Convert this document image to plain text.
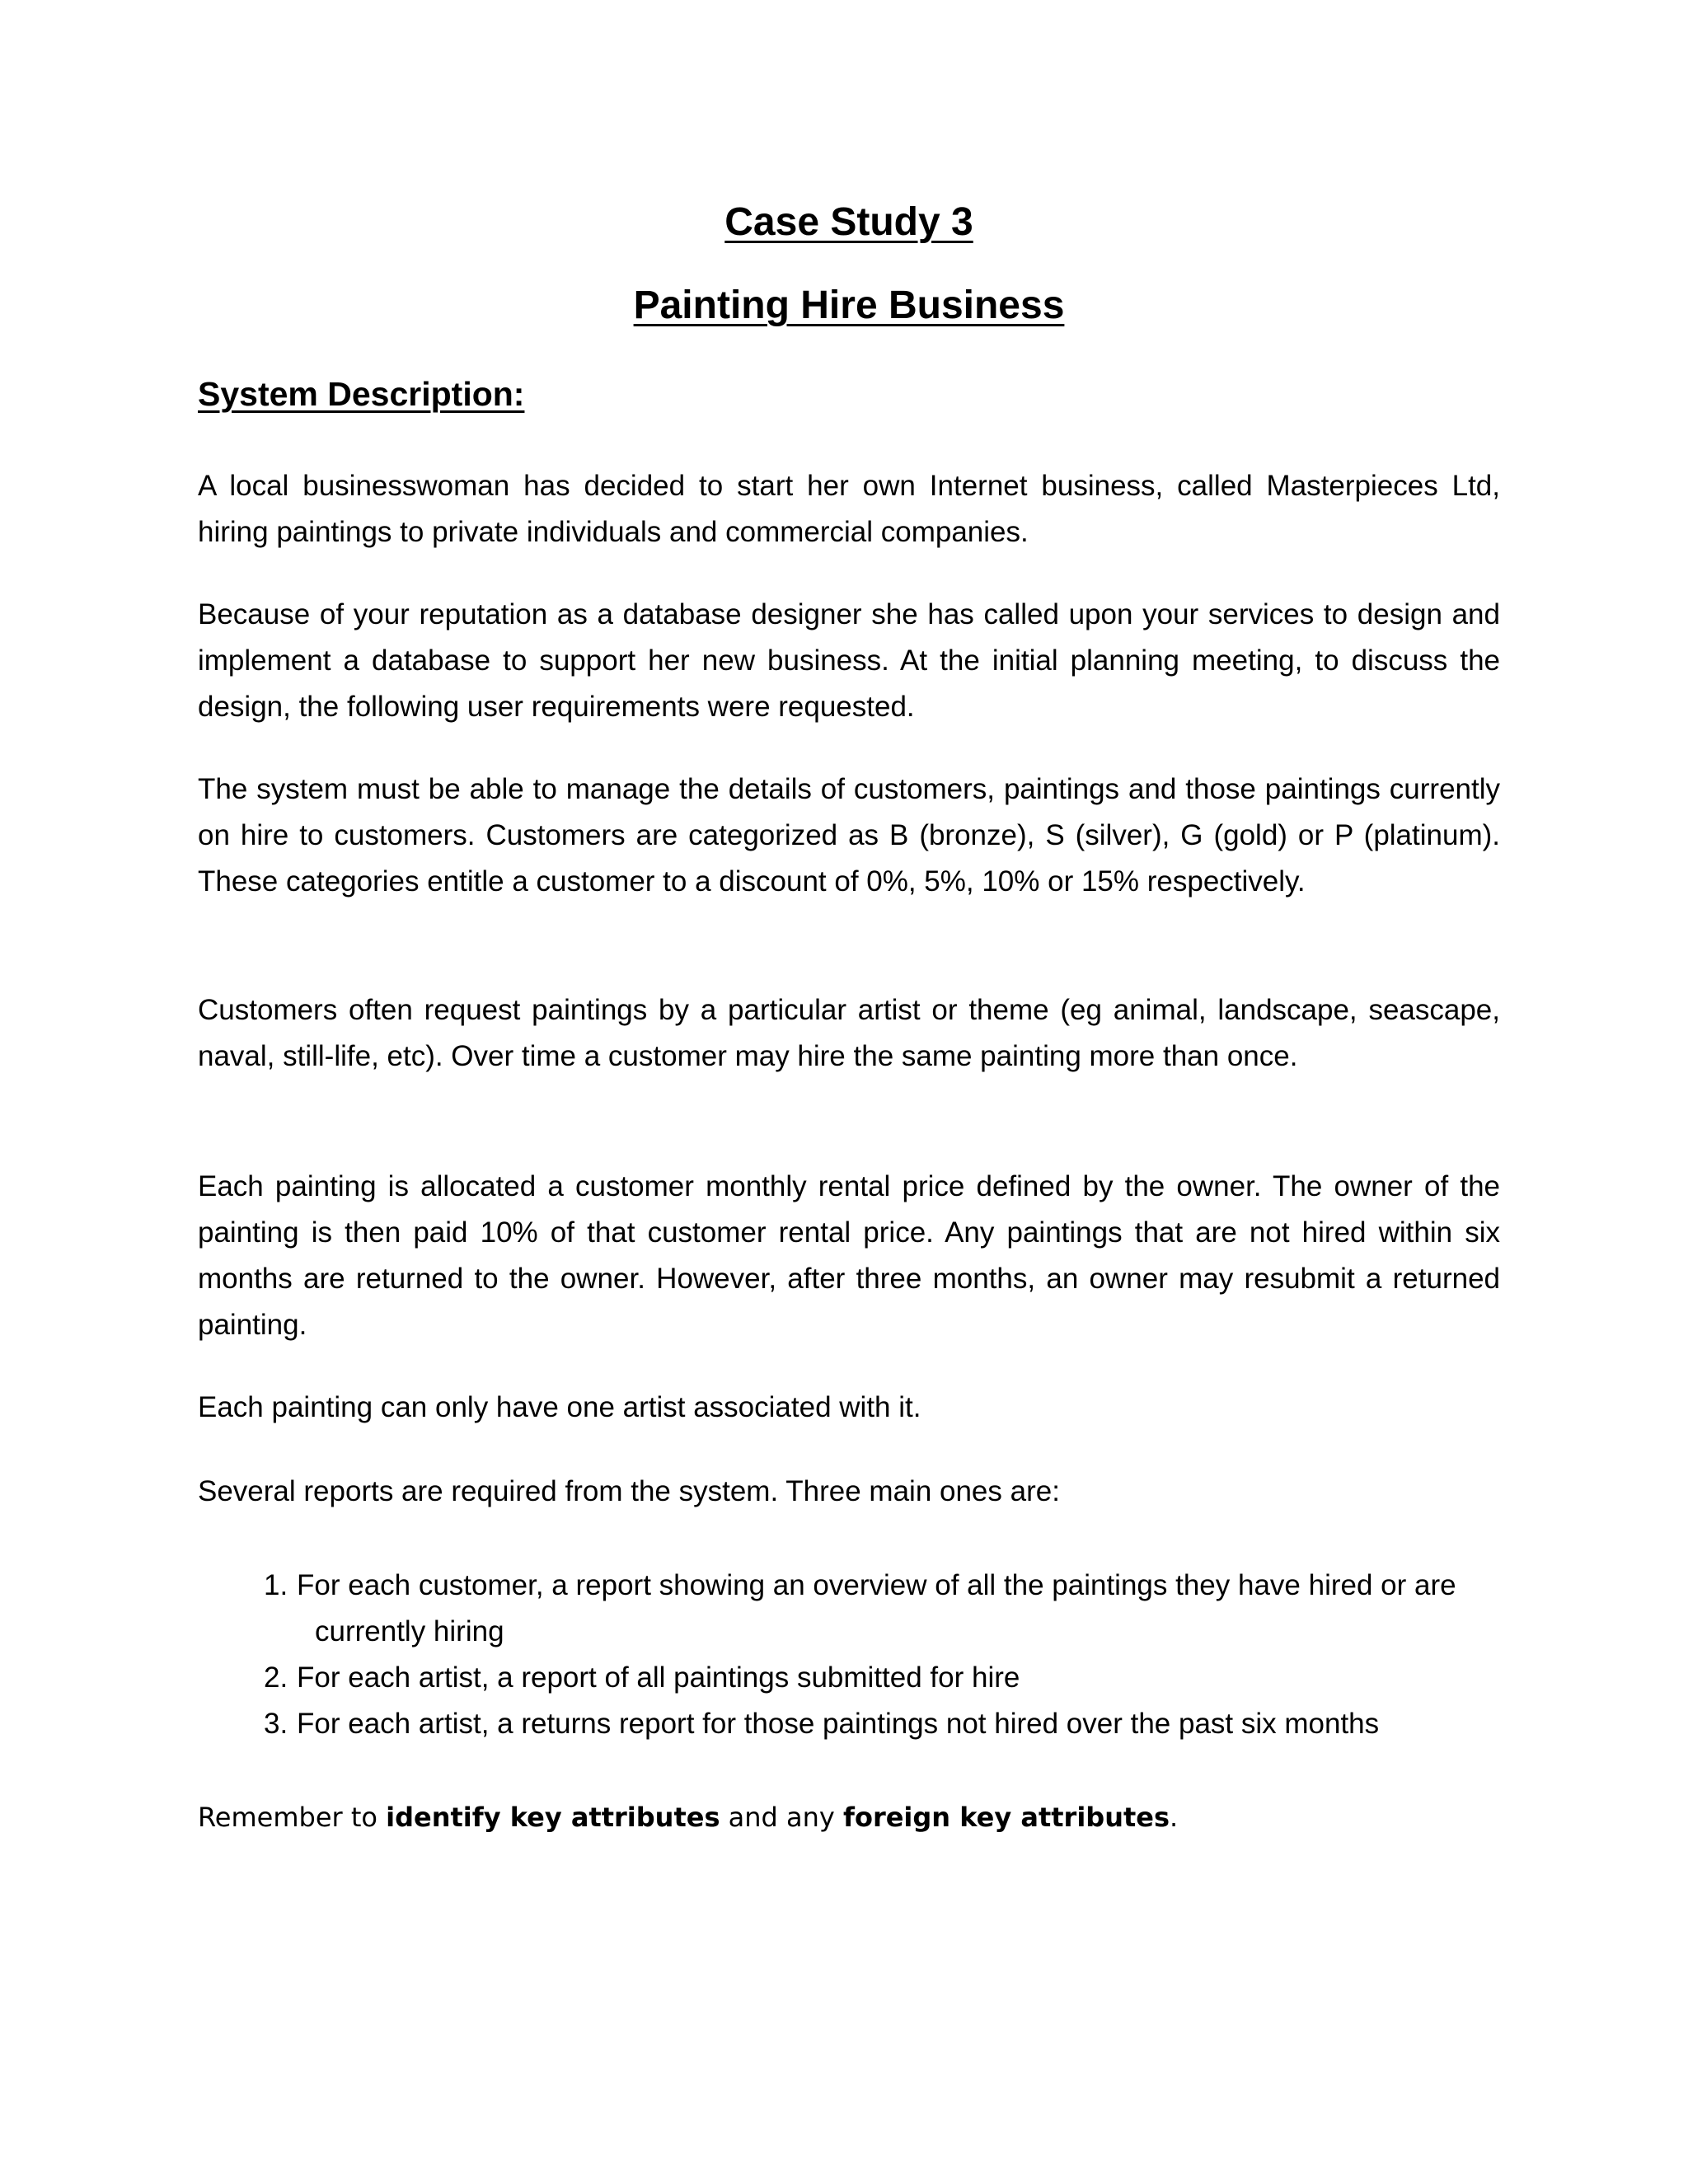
Case Study 3
Painting Hire Business
System Description:

A local businesswoman has decided to start her own Internet business, called Masterpieces Ltd, hiring paintings to private individuals and commercial companies.

Because of your reputation as a database designer she has called upon your services to design and implement a database to support her new business. At the initial planning meeting, to discuss the design, the following user requirements were requested.

The system must be able to manage the details of customers, paintings and those paintings currently on hire to customers. Customers are categorized as B (bronze), S (silver), G (gold) or P (platinum). These categories entitle a customer to a discount of 0%, 5%, 10% or 15% respectively.

Customers often request paintings by a particular artist or theme (eg animal, landscape, seascape, naval, still-life, etc). Over time a customer may hire the same painting more than once.

Each painting is allocated a customer monthly rental price defined by the owner. The owner of the painting is then paid 10% of that customer rental price. Any paintings that are not hired within six months are returned to the owner. However, after three months, an owner may resubmit a returned painting.

Each painting can only have one artist associated with it.

Several reports are required from the system. Three main ones are:

1. For each customer, a report showing an overview of all the paintings they have hired or are currently hiring
2. For each artist, a report of all paintings submitted for hire
3. For each artist, a returns report for those paintings not hired over the past six months

Remember to identify key attributes and any foreign key attributes.
